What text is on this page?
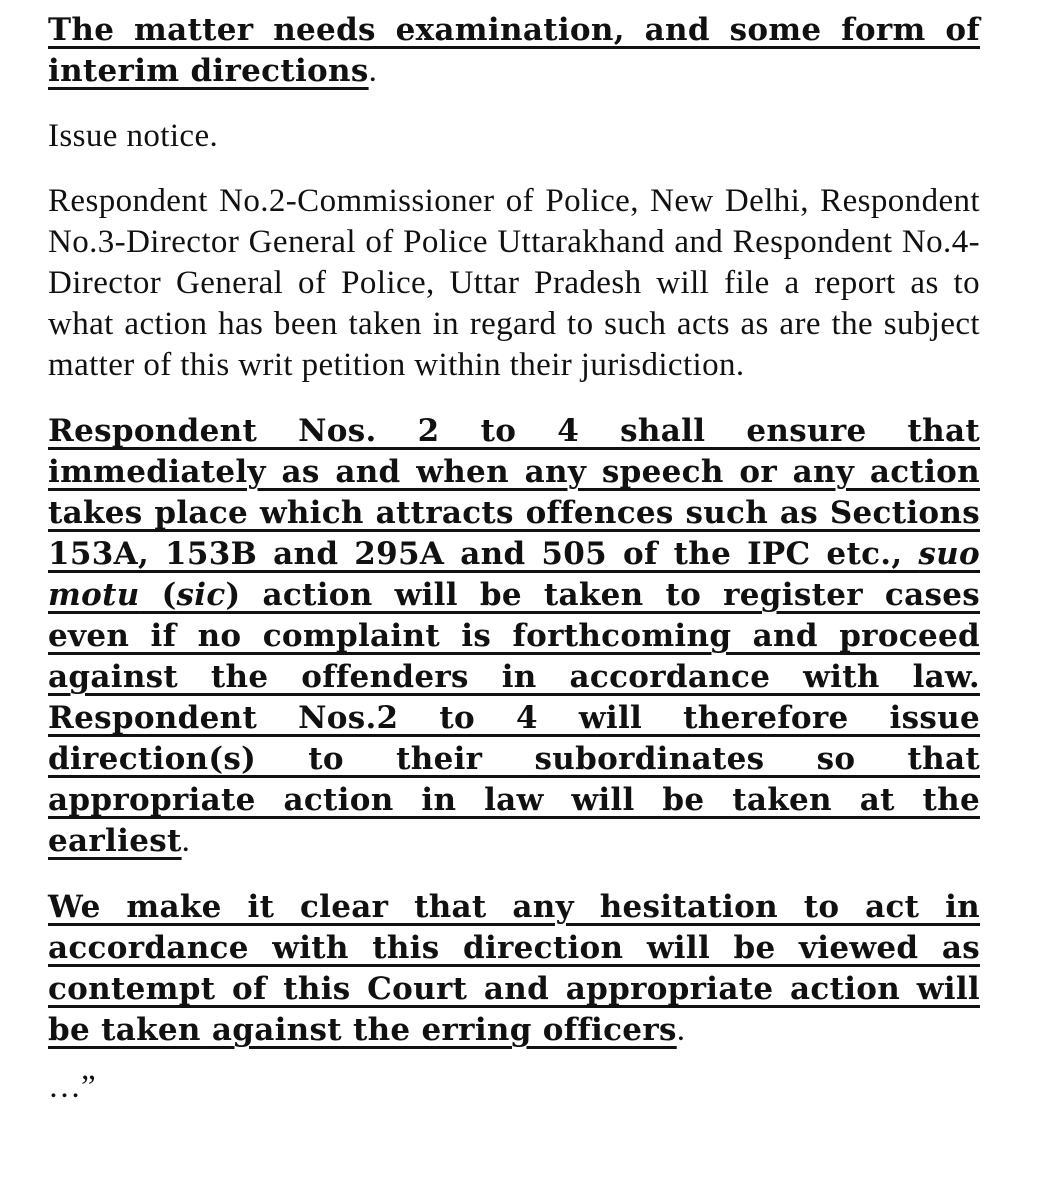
The matter needs examination, and some form of interim directions.

Issue notice.

Respondent No.2-Commissioner of Police, New Delhi, Respondent No.3-Director General of Police Uttarakhand and Respondent No.4- Director General of Police, Uttar Pradesh will file a report as to what action has been taken in regard to such acts as are the subject matter of this writ petition within their jurisdiction.

Respondent Nos. 2 to 4 shall ensure that immediately as and when any speech or any action takes place which attracts offences such as Sections 153A, 153B and 295A and 505 of the IPC etc., suo motu (sic) action will be taken to register cases even if no complaint is forthcoming and proceed against the offenders in accordance with law. Respondent Nos.2 to 4 will therefore issue direction(s) to their subordinates so that appropriate action in law will be taken at the earliest.

We make it clear that any hesitation to act in accordance with this direction will be viewed as contempt of this Court and appropriate action will be taken against the erring officers.

…”
